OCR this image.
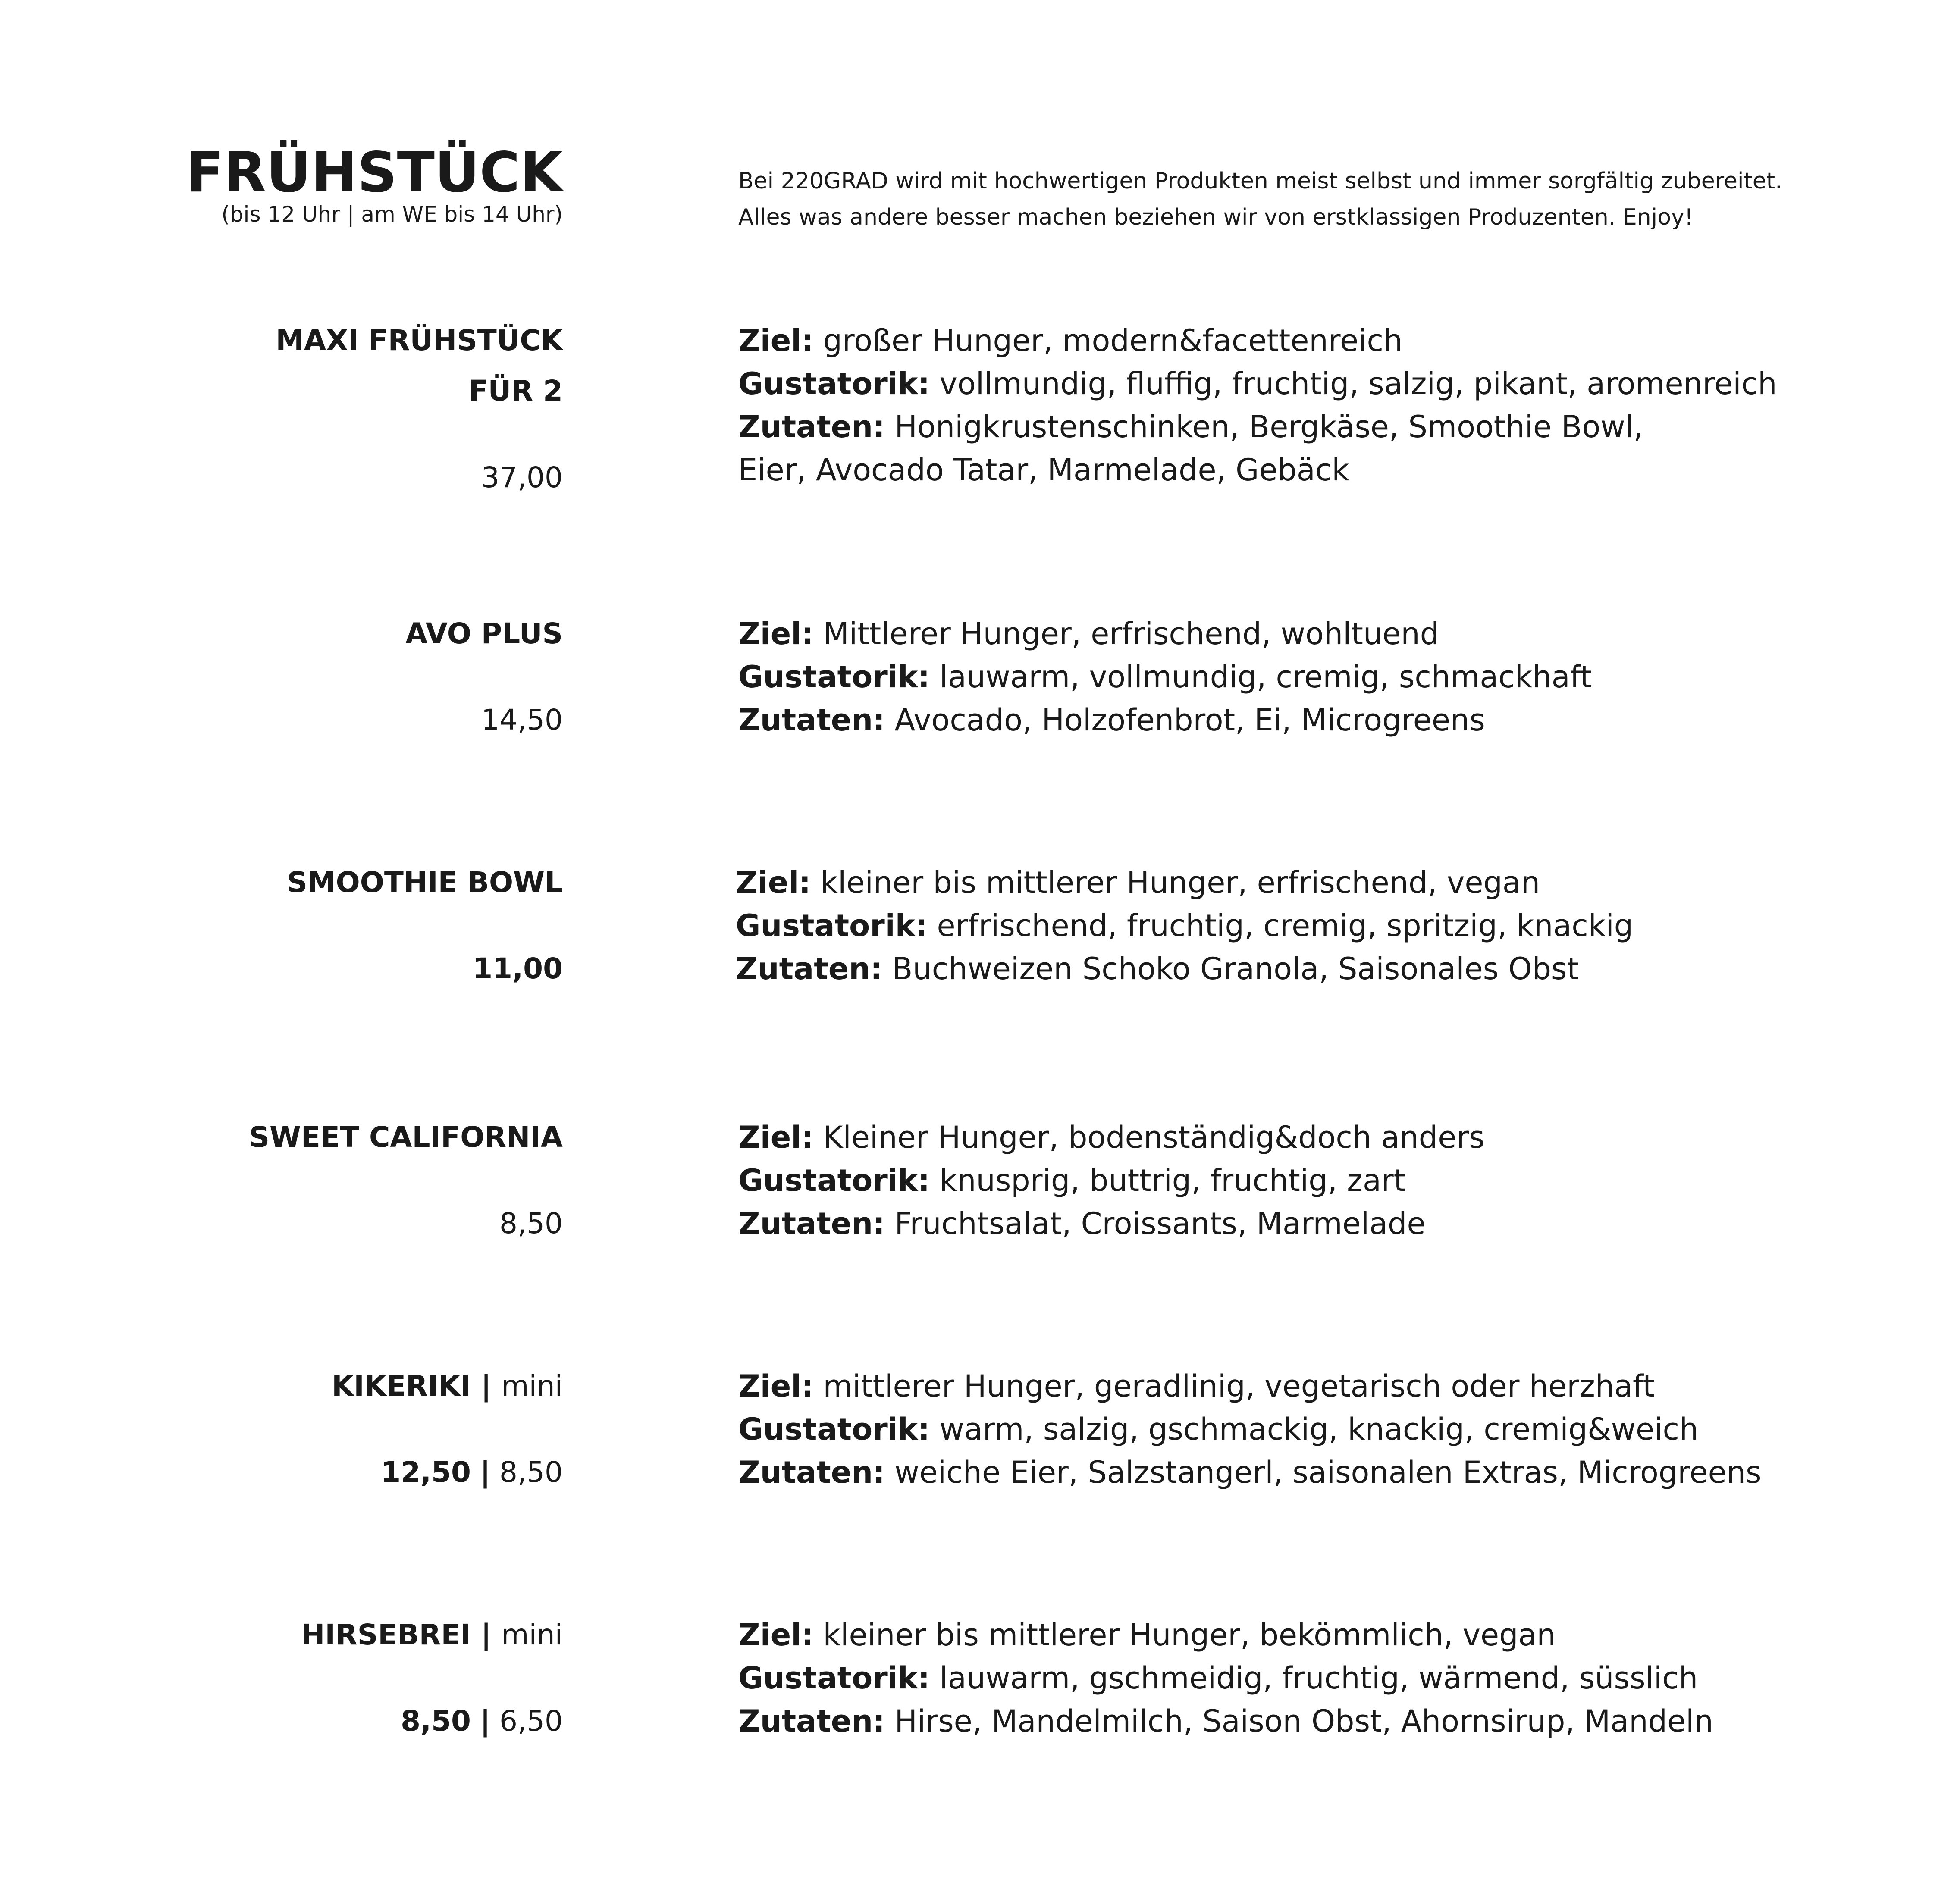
FRÜHSTÜCK
(bis 12 Uhr | am WE bis 14 Uhr)
Bei 220GRAD wird mit hochwertigen Produkten meist selbst und immer sorgfältig zubereitet.
Alles was andere besser machen beziehen wir von erstklassigen Produzenten. Enjoy!
MAXI FRÜHSTÜCK
FÜR 2
37,00
Ziel: großer Hunger, modern&facettenreich
Gustatorik: vollmundig, fluffig, fruchtig, salzig, pikant, aromenreich
Zutaten: Honigkrustenschinken, Bergkäse, Smoothie Bowl,
Eier, Avocado Tatar, Marmelade, Gebäck
AVO PLUS
14,50
Ziel: Mittlerer Hunger, erfrischend, wohltuend
Gustatorik: lauwarm, vollmundig, cremig, schmackhaft
Zutaten: Avocado, Holzofenbrot, Ei, Microgreens
SMOOTHIE BOWL
11,00
Ziel: kleiner bis mittlerer Hunger, erfrischend, vegan
Gustatorik: erfrischend, fruchtig, cremig, spritzig, knackig
Zutaten: Buchweizen Schoko Granola, Saisonales Obst
SWEET CALIFORNIA
8,50
Ziel: Kleiner Hunger, bodenständig&doch anders
Gustatorik: knusprig, buttrig, fruchtig, zart
Zutaten: Fruchtsalat, Croissants, Marmelade
KIKERIKI | mini
12,50 | 8,50
Ziel: mittlerer Hunger, geradlinig, vegetarisch oder herzhaft
Gustatorik: warm, salzig, gschmackig, knackig, cremig&weich
Zutaten: weiche Eier, Salzstangerl, saisonalen Extras, Microgreens
HIRSEBREI | mini
8,50 | 6,50
Ziel: kleiner bis mittlerer Hunger, bekömmlich, vegan
Gustatorik: lauwarm, gschmeidig, fruchtig, wärmend, süsslich
Zutaten: Hirse, Mandelmilch, Saison Obst, Ahornsirup, Mandeln
